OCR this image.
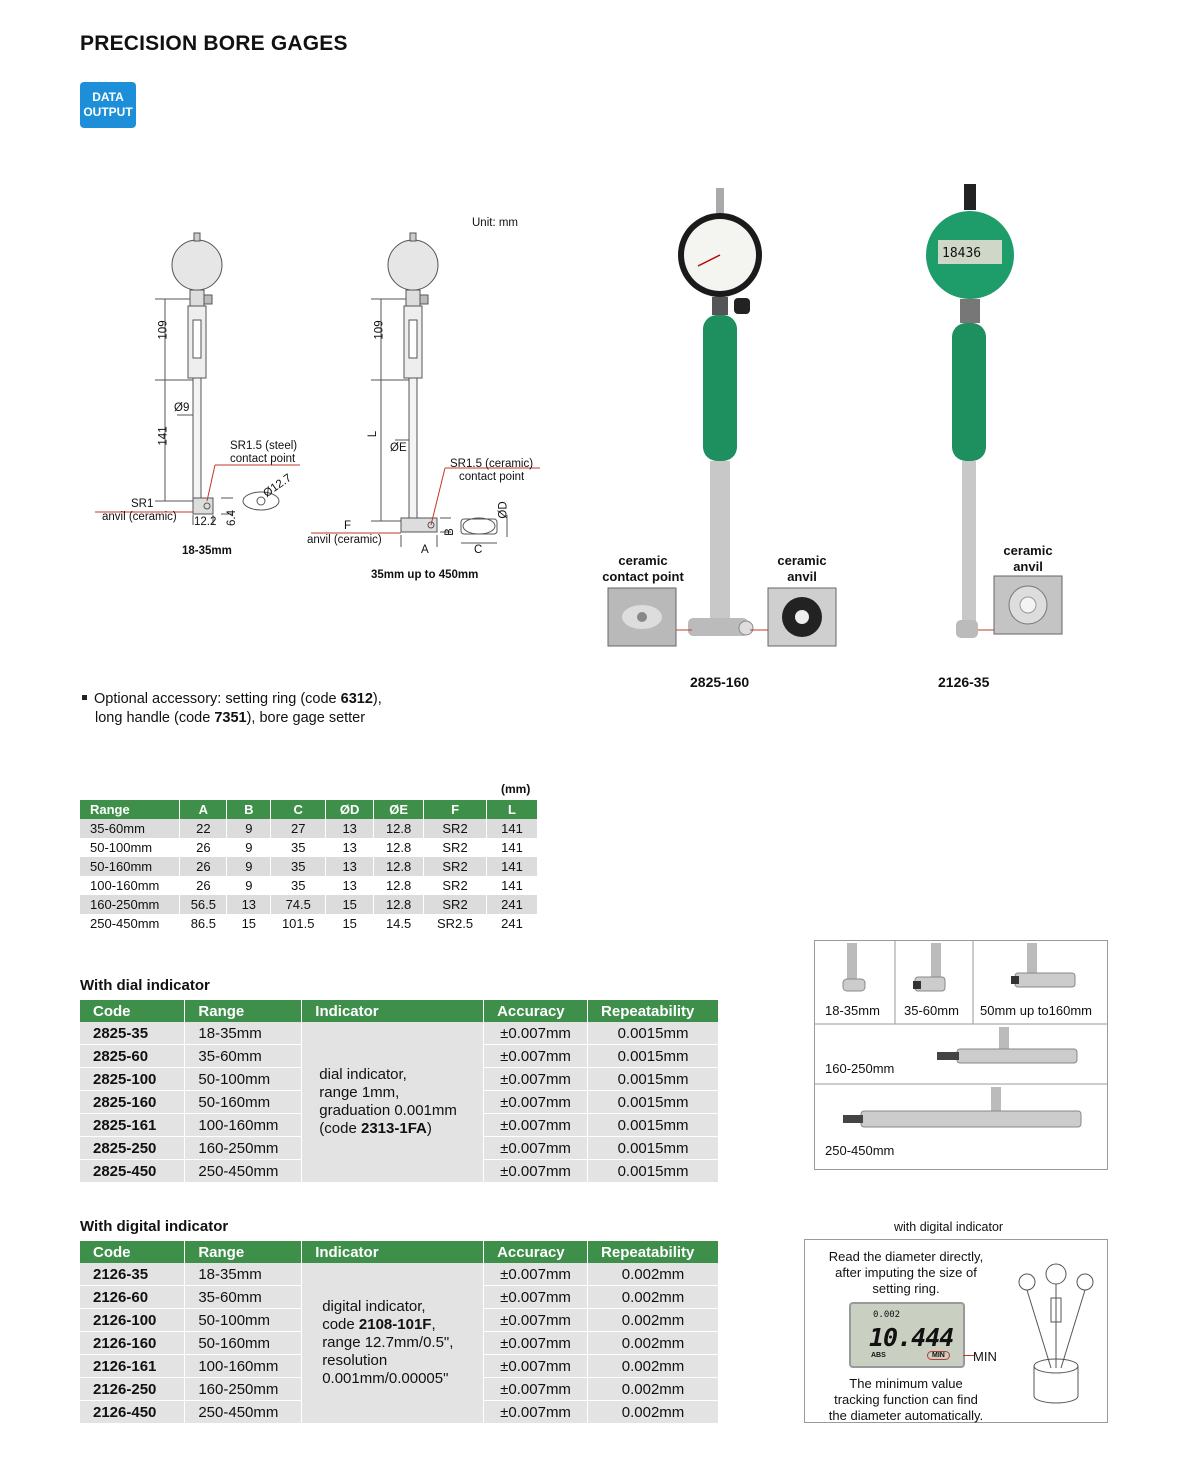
PRECISION BORE GAGES
DATA
OUTPUT
Unit: mm
109
Ø9
141
SR1.5 (steel)
contact point
SR1
anvil (ceramic) 12.2 6.4
Ø12.7
18-35mm
109
L
ØE
SR1.5 (ceramic)
contact point
F
anvil (ceramic)
A
B
C
ØD
35mm up to 450mm
18436
ceramic
contact point
ceramic
anvil
ceramic
anvil
2825-160	2126-35
Optional accessory: setting ring (code 6312),
long handle (code 7351), bore gage setter
(mm)
Range	A	B	C	ØD	ØE	F	L
35-60mm	22	9	27	13	12.8	SR2	141
50-100mm	26	9	35	13	12.8	SR2	141
50-160mm	26	9	35	13	12.8	SR2	141
100-160mm	26	9	35	13	12.8	SR2	141
160-250mm	56.5	13	74.5	15	12.8	SR2	241
250-450mm	86.5	15	101.5	15	14.5	SR2.5	241
With dial indicator
Code	Range	Indicator	Accuracy	Repeatability
2825-35	18-35mm	dial indicator,
range 1mm,
graduation 0.001mm
(code 2313-1FA)	±0.007mm	0.0015mm
2825-60	35-60mm		±0.007mm	0.0015mm
2825-100	50-100mm		±0.007mm	0.0015mm
2825-160	50-160mm		±0.007mm	0.0015mm
2825-161	100-160mm		±0.007mm	0.0015mm
2825-250	160-250mm		±0.007mm	0.0015mm
2825-450	250-450mm		±0.007mm	0.0015mm
With digital indicator
Code	Range	Indicator	Accuracy	Repeatability
2126-35	18-35mm	digital indicator,
code 2108-101F,
range 12.7mm/0.5",
resolution
0.001mm/0.00005"	±0.007mm	0.002mm
2126-60	35-60mm		±0.007mm	0.002mm
2126-100	50-100mm		±0.007mm	0.002mm
2126-160	50-160mm		±0.007mm	0.002mm
2126-161	100-160mm		±0.007mm	0.002mm
2126-250	160-250mm		±0.007mm	0.002mm
2126-450	250-450mm		±0.007mm	0.002mm
18-35mm 35-60mm 50mm up to160mm
160-250mm
250-450mm
with digital indicator
Read the diameter directly,
after imputing the size of
setting ring.
0.002
10.444
ABS	MIN	MIN
The minimum value
tracking function can find
the diameter automatically.
